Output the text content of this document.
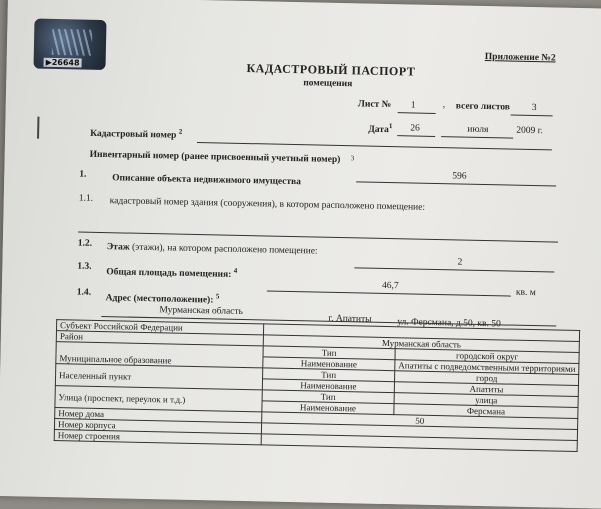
▶26648	Приложение №2
КАДАСТРОВЫЙ ПАСПОРТ
помещения
Лист № 1	, всего листов 3
Дата$^1$ 26	июля	2009 г.
Кадастровый номер $^2$
Инвентарный номер (ранее присвоенный учетный номер) $^3$
596
1.	Описание объекта недвижимого имущества
1.1. кадастровый номер здания (сооружения), в котором расположено помещение:
1.2. Этаж (этажи), на котором расположено помещение:
2
1.3.
Общая площадь помещения: $^4$
46,7
кв. м
1.4.
Адрес (местоположение): $^5$
Мурманская область
г. Апатиты	ул. Ферсмана, д.50, кв. 50
Субъект Российской Федерации		
Район	Мурманская область	
Муниципальное образование	Тип	городской округ
	Наименование	Апатиты с подведомственными территориями
Населенный пункт	Тип	город
	Наименование	Апатиты
Улица (проспект, переулок и т.д.)	Тип	улица
	Наименование	Ферсмана
Номер дома	50	
Номер корпуса		
Номер строения		
